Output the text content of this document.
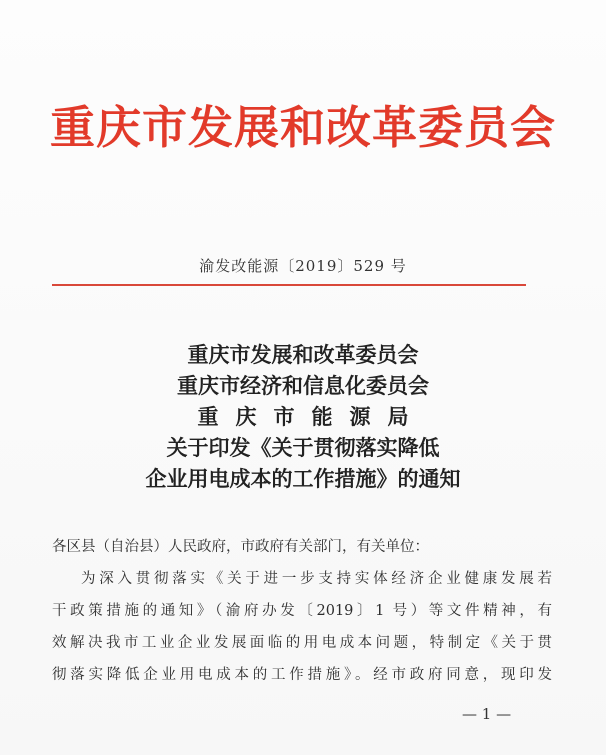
重庆市发展和改革委员会
渝发改能源〔2019〕529 号
重庆市发展和改革委员会
重庆市经济和信息化委员会
重庆市能源局
关于印发《关于贯彻落实降低
企业用电成本的工作措施》的通知
各区县（自治县）人民政府，市政府有关部门，有关单位：
为深入贯彻落实《关于进一步支持实体经济企业健康发展若
干政策措施的通知》（渝府办发〔2019〕1 号）等文件精神，有
效解决我市工业企业发展面临的用电成本问题，特制定《关于贯
彻落实降低企业用电成本的工作措施》。经市政府同意，现印发
— 1 —
